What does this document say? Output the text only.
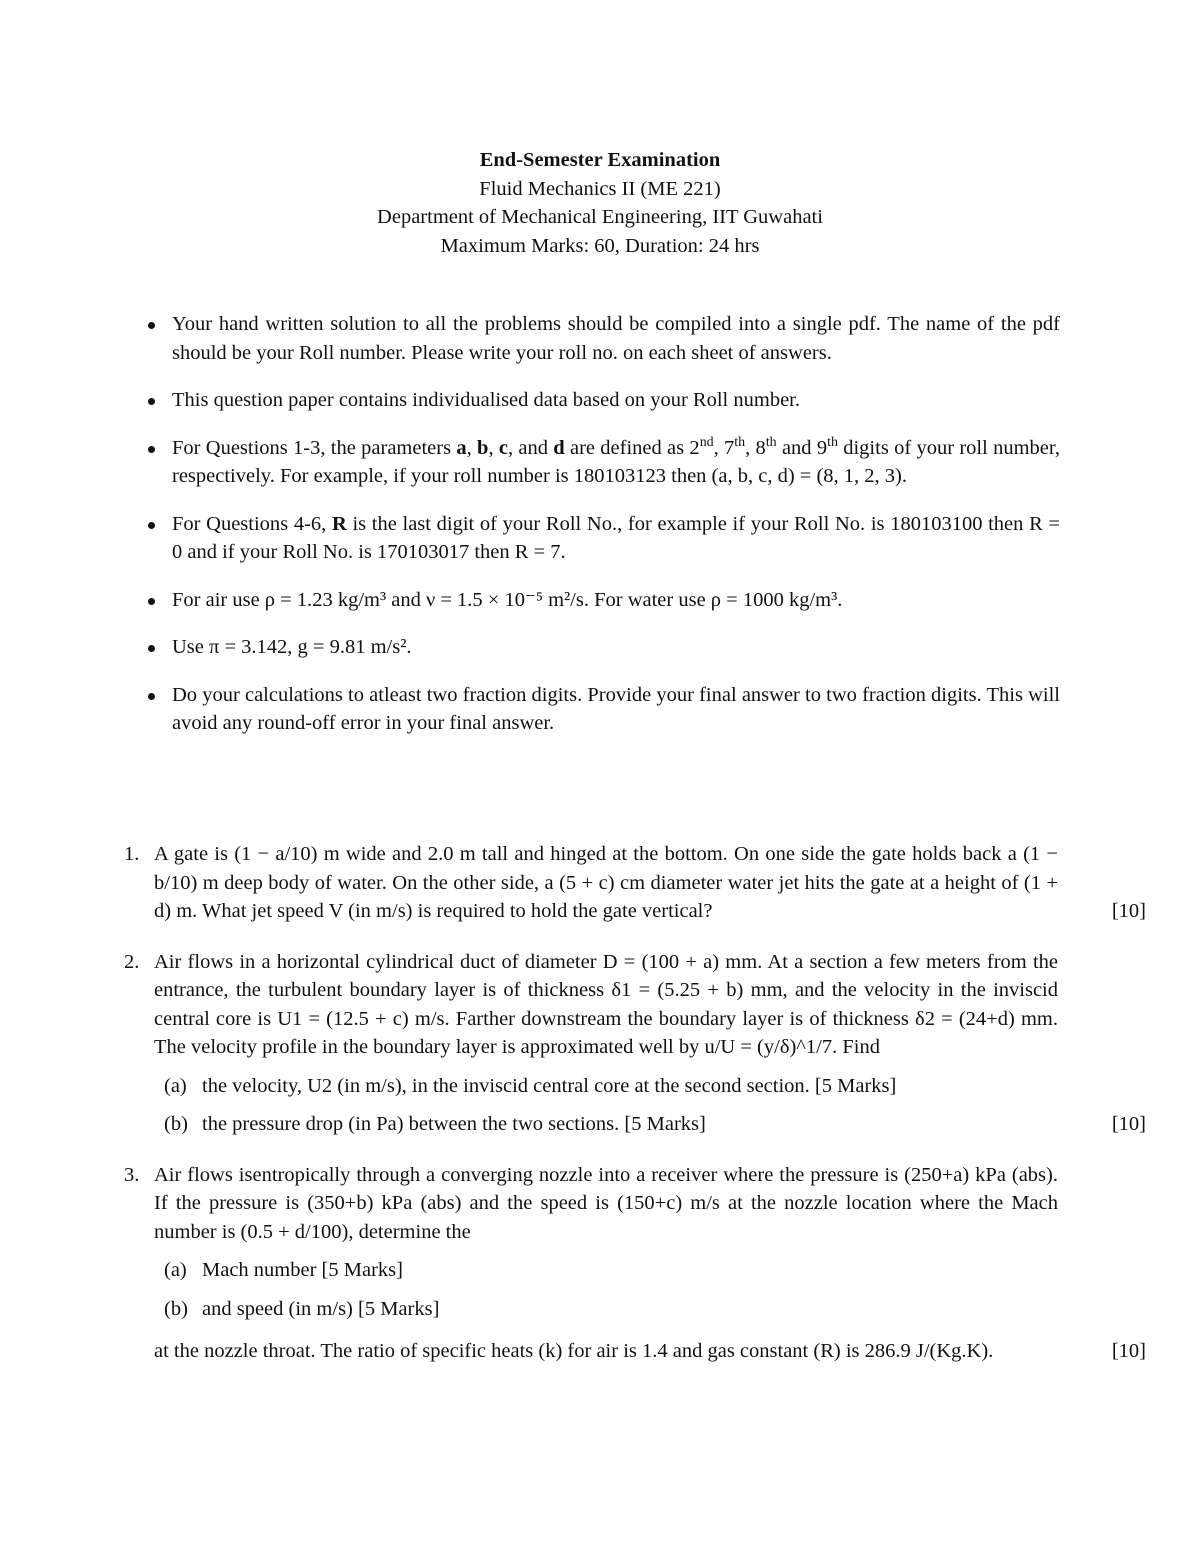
End-Semester Examination
Fluid Mechanics II (ME 221)
Department of Mechanical Engineering, IIT Guwahati
Maximum Marks: 60, Duration: 24 hrs
Your hand written solution to all the problems should be compiled into a single pdf. The name of the pdf should be your Roll number. Please write your roll no. on each sheet of answers.
This question paper contains individualised data based on your Roll number.
For Questions 1-3, the parameters a, b, c, and d are defined as 2nd, 7th, 8th and 9th digits of your roll number, respectively. For example, if your roll number is 180103123 then (a, b, c, d) = (8, 1, 2, 3).
For Questions 4-6, R is the last digit of your Roll No., for example if your Roll No. is 180103100 then R = 0 and if your Roll No. is 170103017 then R = 7.
For air use ρ = 1.23 kg/m³ and ν = 1.5 × 10⁻⁵ m²/s. For water use ρ = 1000 kg/m³.
Use π = 3.142, g = 9.81 m/s².
Do your calculations to atleast two fraction digits. Provide your final answer to two fraction digits. This will avoid any round-off error in your final answer.
1. A gate is (1 − a/10) m wide and 2.0 m tall and hinged at the bottom. On one side the gate holds back a (1 − b/10) m deep body of water. On the other side, a (5 + c) cm diameter water jet hits the gate at a height of (1 + d) m. What jet speed V (in m/s) is required to hold the gate vertical?	[10]
2. Air flows in a horizontal cylindrical duct of diameter D = (100 + a) mm. At a section a few meters from the entrance, the turbulent boundary layer is of thickness δ1 = (5.25 + b) mm, and the velocity in the inviscid central core is U1 = (12.5 + c) m/s. Farther downstream the boundary layer is of thickness δ2 = (24+d) mm. The velocity profile in the boundary layer is approximated well by u/U = (y/δ)^1/7. Find
(a) the velocity, U2 (in m/s), in the inviscid central core at the second section. [5 Marks]
(b) the pressure drop (in Pa) between the two sections. [5 Marks]	[10]
3. Air flows isentropically through a converging nozzle into a receiver where the pressure is (250+a) kPa (abs). If the pressure is (350+b) kPa (abs) and the speed is (150+c) m/s at the nozzle location where the Mach number is (0.5 + d/100), determine the
(a) Mach number [5 Marks]
(b) and speed (in m/s) [5 Marks]
at the nozzle throat. The ratio of specific heats (k) for air is 1.4 and gas constant (R) is 286.9 J/(Kg.K).	[10]
